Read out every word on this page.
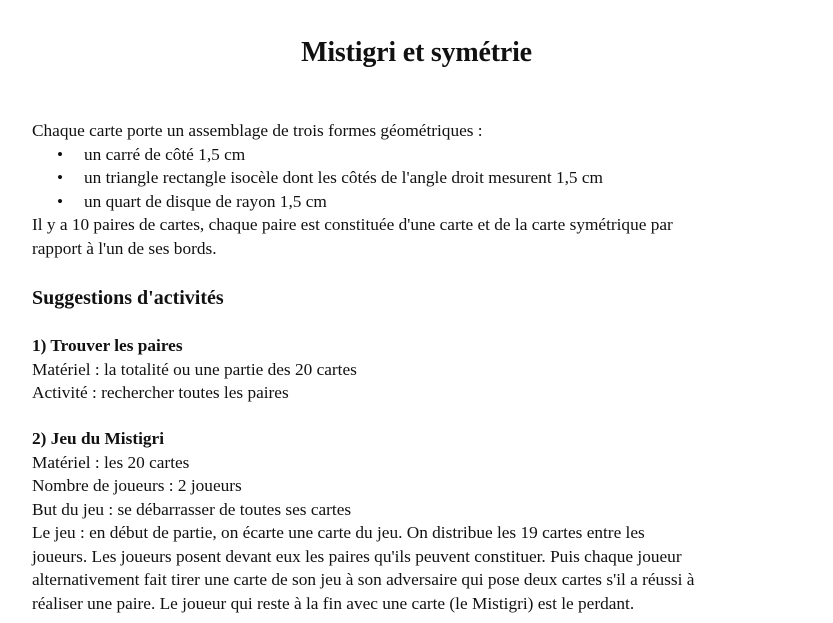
Mistigri et symétrie
Chaque carte porte un assemblage de trois formes géométriques :
• un carré de côté 1,5 cm
• un triangle rectangle isocèle dont les côtés de l'angle droit mesurent 1,5 cm
• un quart de disque de rayon 1,5 cm
Il y a 10 paires de cartes, chaque paire est constituée d'une carte et de la carte symétrique par
rapport à l'un de ses bords.
Suggestions d'activités
1) Trouver les paires
Matériel : la totalité ou une partie des 20 cartes
Activité : rechercher toutes les paires
2) Jeu du Mistigri
Matériel : les 20 cartes
Nombre de joueurs : 2 joueurs
But du jeu : se débarrasser de toutes ses cartes
Le jeu : en début de partie, on écarte une carte du jeu. On distribue les 19 cartes entre les
joueurs. Les joueurs posent devant eux les paires qu'ils peuvent constituer. Puis chaque joueur
alternativement fait tirer une carte de son jeu à son adversaire qui pose deux cartes s'il a réussi à
réaliser une paire. Le joueur qui reste à la fin avec une carte (le Mistigri) est le perdant.
